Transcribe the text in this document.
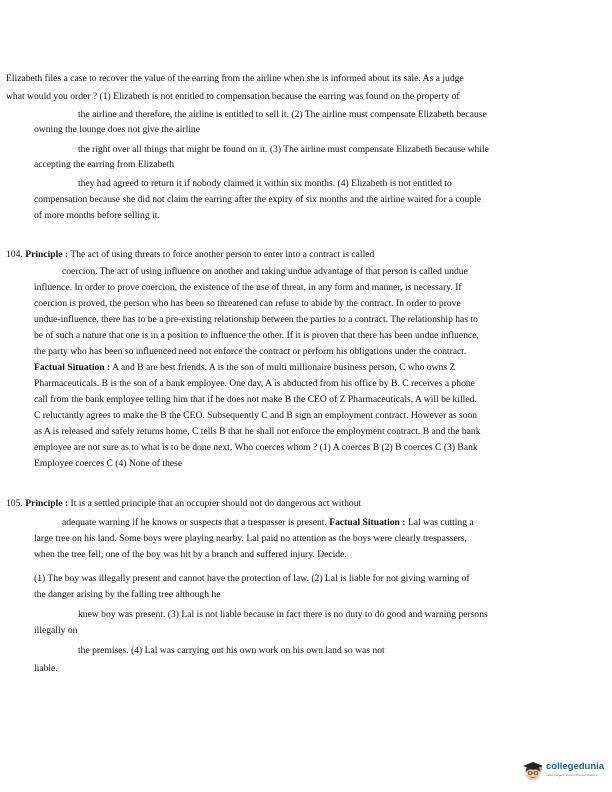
Elizabeth files a case to recover the value of the earring from the airline when she is informed about its sale. As a judge
what would you order ? (1) Elizabeth is not entitled to compensation because the earring was found on the property of
the airline and therefore, the airline is entitled to sell it. (2) The airline must compensate Elizabeth because
owning the lounge does not give the airline
the right over all things that might be found on it. (3) The airline must compensate Elizabeth because while
accepting the earring from Elizabeth
they had agreed to return it if nobody claimed it within six months. (4) Elizabeth is not entitled to
compensation because she did not claim the earring after the expiry of six months and the airline waited for a couple
of more months before selling it.
104. Principle : The act of using threats to force another person to enter into a contract is called
coercion. The act of using influence on another and taking undue advantage of that person is called undue
influence. In order to prove coercion, the existence of the use of threat, in any form and manner, is necessary. If
coercion is proved, the person who has been so threatened can refuse to abide by the contract. In order to prove
undue-influence, there has to be a pre-existing relationship between the parties to a contract. The relationship has to
be of such a nature that one is in a position to influence the other. If it is proven that there has been undue influence,
the party who has been so influenced need not enforce the contract or perform his obligations under the contract.
Factual Situation : A and B are best friends. A is the son of multi millionaire business person, C who owns Z
Pharmaceuticals. B is the son of a bank employee. One day, A is abducted from his office by B. C receives a phone
call from the bank employee telling him that if he does not make B the CEO of Z Pharmaceuticals, A will be killed.
C reluctantly agrees to make the B the CEO. Subsequently C and B sign an employment contract. However as soon
as A is released and safely returns home, C tells B that he shall not enforce the employment contract. B and the bank
employee are not sure as to what is to be done next. Who coerces whom ? (1) A coerces B (2) B coerces C (3) Bank
Employee coerces C (4) None of these
105. Principle : It is a settled principle that an occupier should not do dangerous act without
adequate warning if he knows or suspects that a trespasser is present. Factual Situation : Lal was cutting a
large tree on his land. Some boys were playing nearby. Lal paid no attention as the boys were clearly trespassers,
when the tree fell, one of the boy was hit by a branch and suffered injury. Decide.
(1) The boy was illegally present and cannot have the protection of law. (2) Lal is liable for not giving warning of
the danger arising by the falling tree although he
knew boy was present. (3) Lal is not liable because in fact there is no duty to do good and warning persons
illegally on
the premises. (4) Lal was carrying out his own work on his own land so was not
liable.
collegedunia
India's largest Student Review Platform
